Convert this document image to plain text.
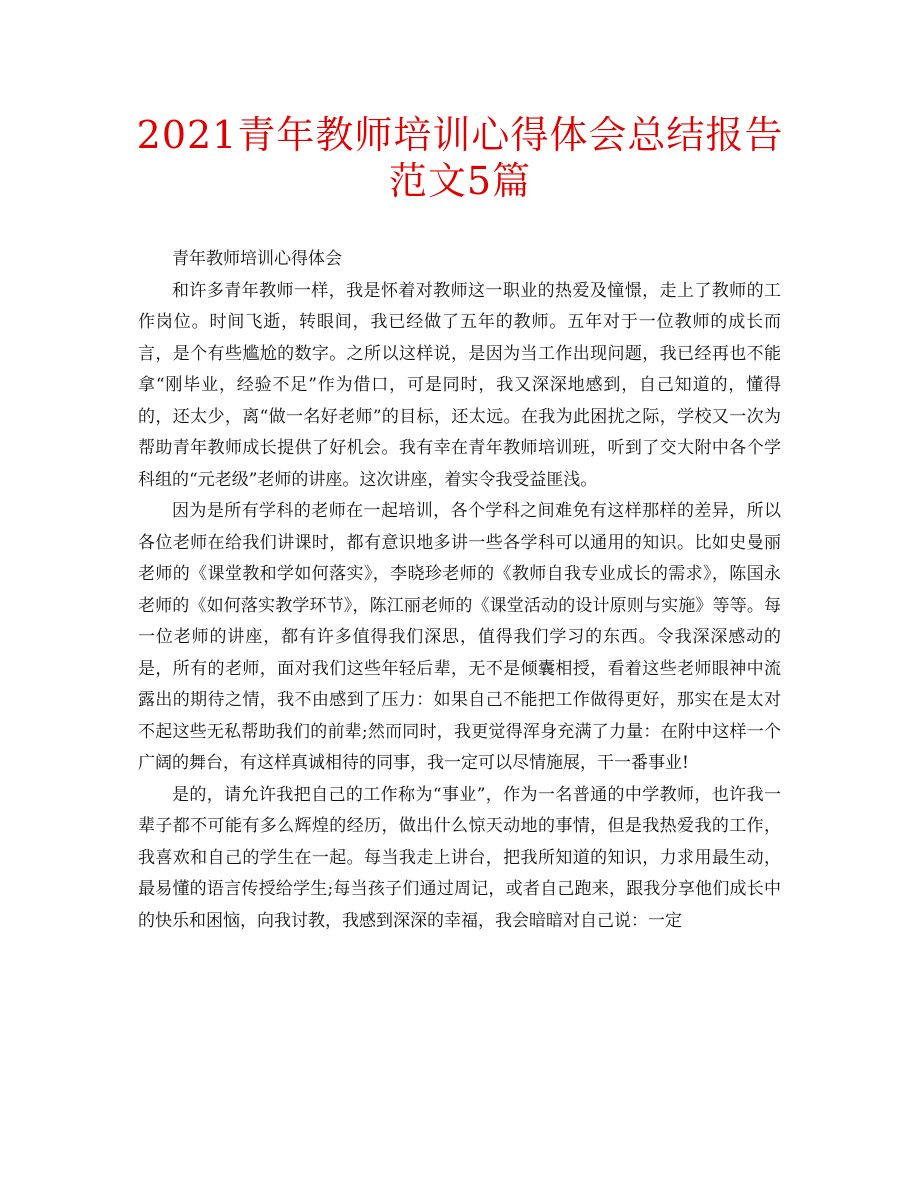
2021青年教师培训心得体会总结报告范文5篇

青年教师培训心得体会

和许多青年教师一样，我是怀着对教师这一职业的热爱及憧憬，走上了教师的工作岗位。时间飞逝，转眼间，我已经做了五年的教师。五年对于一位教师的成长而言，是个有些尴尬的数字。之所以这样说，是因为当工作出现问题，我已经再也不能拿“刚毕业，经验不足”作为借口，可是同时，我又深深地感到，自己知道的，懂得的，还太少，离“做一名好老师”的目标，还太远。在我为此困扰之际，学校又一次为帮助青年教师成长提供了好机会。我有幸在青年教师培训班，听到了交大附中各个学科组的“元老级”老师的讲座。这次讲座，着实令我受益匪浅。

因为是所有学科的老师在一起培训，各个学科之间难免有这样那样的差异，所以各位老师在给我们讲课时，都有意识地多讲一些各学科可以通用的知识。比如史曼丽老师的《课堂教和学如何落实》，李晓珍老师的《教师自我专业成长的需求》，陈国永老师的《如何落实教学环节》，陈江丽老师的《课堂活动的设计原则与实施》等等。每一位老师的讲座，都有许多值得我们深思，值得我们学习的东西。令我深深感动的是，所有的老师，面对我们这些年轻后辈，无不是倾囊相授，看着这些老师眼神中流露出的期待之情，我不由感到了压力：如果自己不能把工作做得更好，那实在是太对不起这些无私帮助我们的前辈;然而同时，我更觉得浑身充满了力量：在附中这样一个广阔的舞台，有这样真诚相待的同事，我一定可以尽情施展，干一番事业!

是的，请允许我把自己的工作称为“事业”，作为一名普通的中学教师，也许我一辈子都不可能有多么辉煌的经历，做出什么惊天动地的事情，但是我热爱我的工作，我喜欢和自己的学生在一起。每当我走上讲台，把我所知道的知识，力求用最生动，最易懂的语言传授给学生;每当孩子们通过周记，或者自己跑来，跟我分享他们成长中的快乐和困恼，向我讨教，我感到深深的幸福，我会暗暗对自己说：一定
